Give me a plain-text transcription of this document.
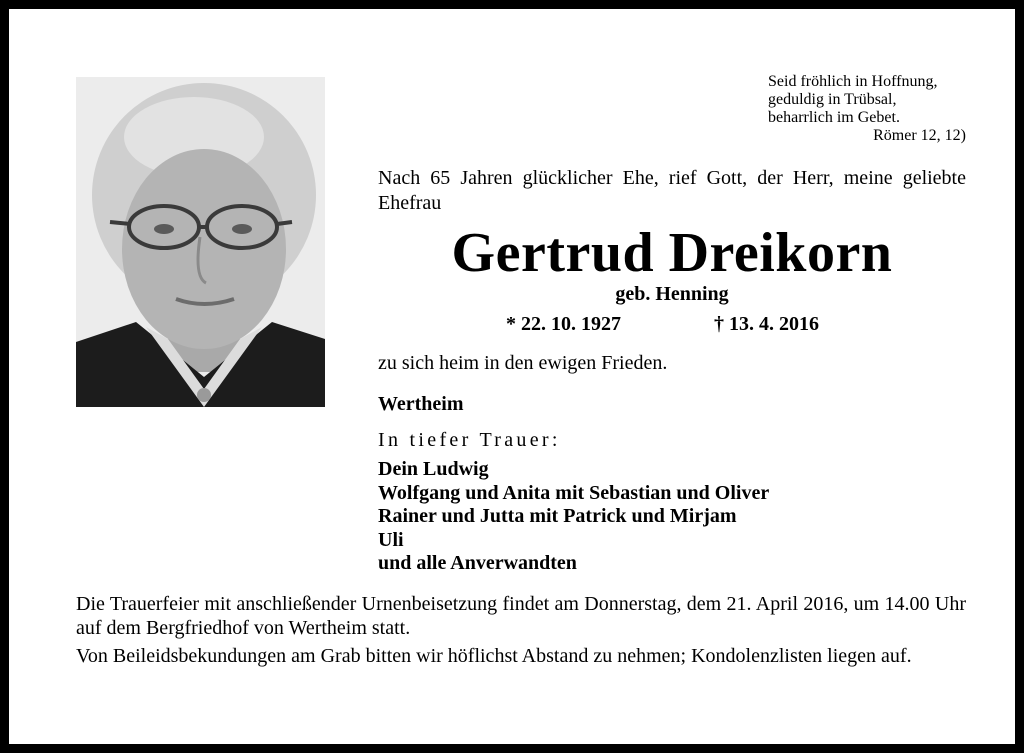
Seid fröhlich in Hoffnung,
geduldig in Trübsal,
beharrlich im Gebet.
Römer 12, 12)
Nach 65 Jahren glücklicher Ehe, rief Gott, der Herr, meine geliebte Ehefrau
Gertrud Dreikorn
geb. Henning
* 22. 10. 1927	† 13. 4. 2016
zu sich heim in den ewigen Frieden.
Wertheim
In tiefer Trauer:
Dein Ludwig
Wolfgang und Anita mit Sebastian und Oliver
Rainer und Jutta mit Patrick und Mirjam
Uli
und alle Anverwandten

Die Trauerfeier mit anschließender Urnenbeisetzung findet am Donnerstag, dem 21. April 2016, um 14.00 Uhr auf dem Bergfriedhof von Wertheim statt.

Von Beileidsbekundungen am Grab bitten wir höflichst Abstand zu nehmen; Kondolenzlisten liegen auf.
